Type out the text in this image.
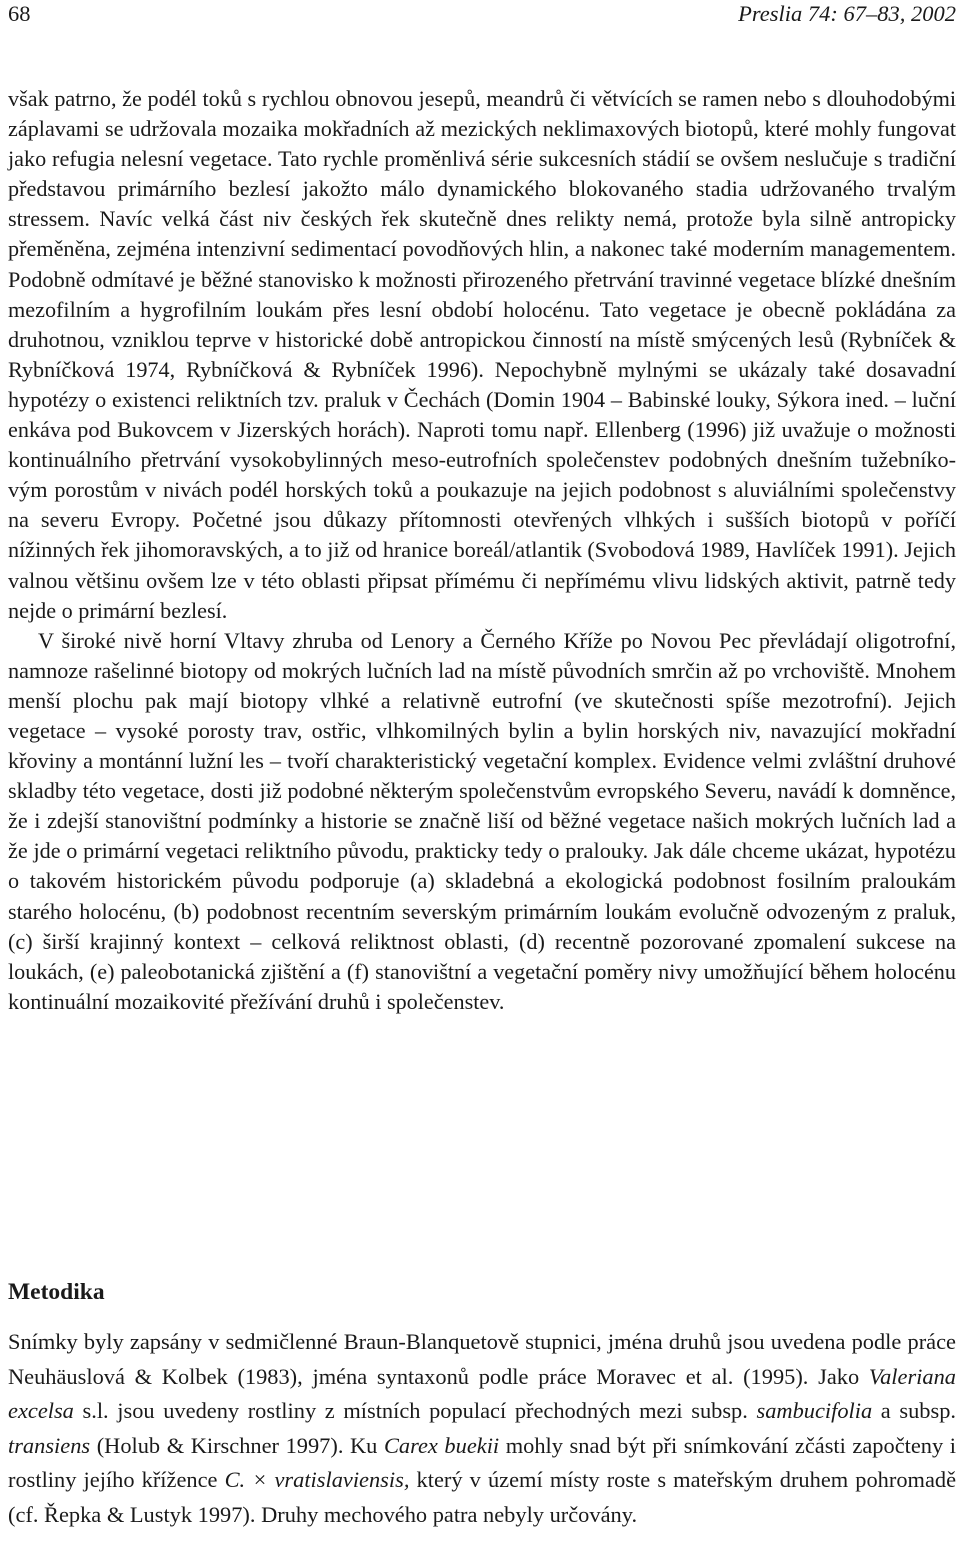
68	Preslia 74: 67–83, 2002

však patrno, že podél toků s rychlou obnovou jesepů, meandrů či větvících se ramen nebo s dlouhodobými záplavami se udržovala mozaika mokřadních až mezických neklimaxových biotopů, které mohly fungovat jako refugia nelesní vegetace. Tato rychle proměnlivá série sukcesních stádií se ovšem neslučuje s tradiční představou primárního bezlesí jakožto málo dynamického blokovaného stadia udržovaného trvalým stressem. Navíc velká část niv českých řek skutečně dnes relikty nemá, protože byla silně antropicky přeměněna, zejména intenzivní sedimentací povodňových hlin, a nakonec také moderním managementem. Podobně odmítavé je běžné stanovisko k možnosti přirozeného přetrvání travinné vegetace blízké dnešním mezofilním a hygrofilním loukám přes lesní období holocénu. Tato vegetace je obecně pokládána za druhotnou, vzniklou teprve v historické době antropickou činností na místě smýcených lesů (Rybníček & Rybníčková 1974, Rybníčková & Rybníček 1996). Nepochybně mylnými se ukázaly také dosavadní hypotézy o existenci reliktních tzv. praluk v Čechách (Domin 1904 – Babinské louky, Sýkora ined. – luční enkáva pod Bukovcem v Jizerských horách). Naproti tomu např. Ellenberg (1996) již uvažuje o možnosti kontinuálního přetrvání vysokobylinných meso-eutrofních společenstev podobných dnešním tužebníkovým porostům v nivách podél horských toků a poukazuje na jejich podobnost s aluviálními společenstvy na severu Evropy. Početné jsou důkazy přítomnosti otevřených vlhkých i sušších biotopů v poříčí nížinných řek jihomoravských, a to již od hranice boreál/atlantik (Svobodová 1989, Havlíček 1991). Jejich valnou většinu ovšem lze v této oblasti připsat přímému či nepřímému vlivu lidských aktivit, patrně tedy nejde o primární bezlesí.

V široké nivě horní Vltavy zhruba od Lenory a Černého Kříže po Novou Pec převládají oligotrofní, namnoze rašelinné biotopy od mokrých lučních lad na místě původních smrčin až po vrchoviště. Mnohem menší plochu pak mají biotopy vlhké a relativně eutrofní (ve skutečnosti spíše mezotrofní). Jejich vegetace – vysoké porosty trav, ostřic, vlhkomilných bylin a bylin horských niv, navazující mokřadní křoviny a montánní lužní les – tvoří charakteristický vegetační komplex. Evidence velmi zvláštní druhové skladby této vegetace, dosti již podobné některým společenstvům evropského Severu, navádí k domněnce, že i zdejší stanovištní podmínky a historie se značně liší od běžné vegetace našich mokrých lučních lad a že jde o primární vegetaci reliktního původu, prakticky tedy o pralouky. Jak dále chceme ukázat, hypotézu o takovém historickém původu podporuje (a) skladebná a ekologická podobnost fosilním praloukám starého holocénu, (b) podobnost recentním severským primárním loukám evolučně odvozeným z praluk, (c) širší krajinný kontext – celková reliktnost oblasti, (d) recentně pozorované zpomalení sukcese na loukách, (e) paleobotanická zjištění a (f) stanovištní a vegetační poměry nivy umožňující během holocénu kontinuální mozaikovité přežívání druhů i společenstev.

Metodika

Snímky byly zapsány v sedmičlenné Braun-Blanquetově stupnici, jména druhů jsou uvedena podle práce Neuhäuslová & Kolbek (1983), jména syntaxonů podle práce Moravec et al. (1995). Jako Valeriana excelsa s.l. jsou uvedeny rostliny z místních populací přechodných mezi subsp. sambucifolia a subsp. transiens (Holub & Kirschner 1997). Ku Carex buekii mohly snad být při snímkování zčásti započteny i rostliny jejího křížence C. × vratislaviensis, který v území místy roste s mateřským druhem pohromadě (cf. Řepka & Lustyk 1997). Druhy mechového patra nebyly určovány.
